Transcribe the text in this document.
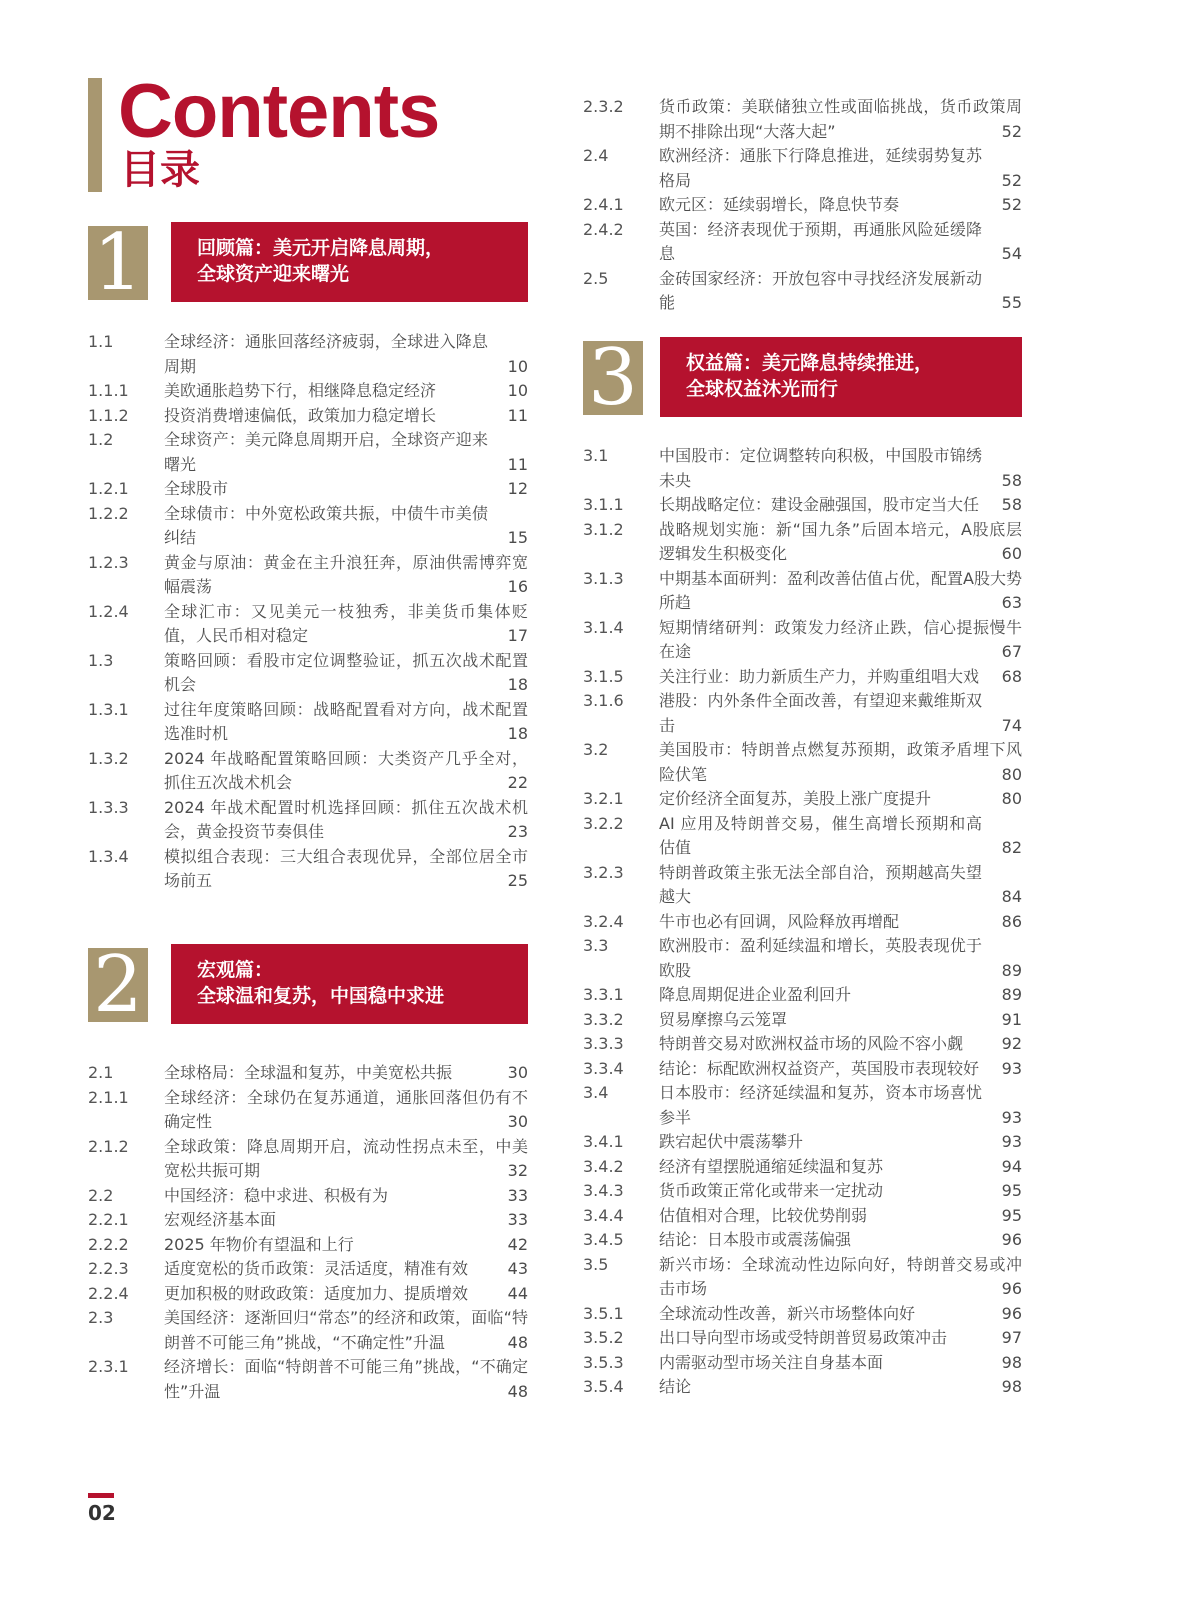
Contents
目录
1	回顾篇：美元开启降息周期，
全球资产迎来曙光
1.1	全球经济：通胀回落经济疲弱，全球进入降息周期	10
1.1.1	美欧通胀趋势下行，相继降息稳定经济	10
1.1.2	投资消费增速偏低，政策加力稳定增长	11
1.2	全球资产：美元降息周期开启，全球资产迎来曙光	11
1.2.1	全球股市	12
1.2.2	全球债市：中外宽松政策共振，中债牛市美债纠结	15
1.2.3	黄金与原油：黄金在主升浪狂奔，原油供需博弈宽幅震荡	16
1.2.4	全球汇市：又见美元一枝独秀，非美货币集体贬值，人民币相对稳定	17
1.3	策略回顾：看股市定位调整验证，抓五次战术配置机会	18
1.3.1	过往年度策略回顾：战略配置看对方向，战术配置选准时机	18
1.3.2	2024 年战略配置策略回顾：大类资产几乎全对，抓住五次战术机会	22
1.3.3	2024 年战术配置时机选择回顾：抓住五次战术机会，黄金投资节奏俱佳	23
1.3.4	模拟组合表现：三大组合表现优异，全部位居全市场前五	25
2	宏观篇：
全球温和复苏，中国稳中求进
2.1	全球格局：全球温和复苏，中美宽松共振	30
2.1.1	全球经济：全球仍在复苏通道，通胀回落但仍有不确定性	30
2.1.2	全球政策：降息周期开启，流动性拐点未至，中美宽松共振可期	32
2.2	中国经济：稳中求进、积极有为	33
2.2.1	宏观经济基本面	33
2.2.2	2025 年物价有望温和上行	42
2.2.3	适度宽松的货币政策：灵活适度，精准有效	43
2.2.4	更加积极的财政政策：适度加力、提质增效	44
2.3	美国经济：逐渐回归“常态”的经济和政策，面临“特朗普不可能三角”挑战，“不确定性”升温	48
2.3.1	经济增长：面临“特朗普不可能三角”挑战，“不确定性”升温	48
2.3.2	货币政策：美联储独立性或面临挑战，货币政策周期不排除出现“大落大起”	52
2.4	欧洲经济：通胀下行降息推进，延续弱势复苏格局	52
2.4.1	欧元区：延续弱增长，降息快节奏	52
2.4.2	英国：经济表现优于预期，再通胀风险延缓降息	54
2.5	金砖国家经济：开放包容中寻找经济发展新动能	55
3	权益篇：美元降息持续推进，
全球权益沐光而行
3.1	中国股市：定位调整转向积极，中国股市锦绣未央	58
3.1.1	长期战略定位：建设金融强国，股市定当大任	58
3.1.2	战略规划实施：新“国九条”后固本培元，A股底层逻辑发生积极变化	60
3.1.3	中期基本面研判：盈利改善估值占优，配置A股大势所趋	63
3.1.4	短期情绪研判：政策发力经济止跌，信心提振慢牛在途	67
3.1.5	关注行业：助力新质生产力，并购重组唱大戏	68
3.1.6	港股：内外条件全面改善，有望迎来戴维斯双击	74
3.2	美国股市：特朗普点燃复苏预期，政策矛盾埋下风险伏笔	80
3.2.1	定价经济全面复苏，美股上涨广度提升	80
3.2.2	AI 应用及特朗普交易，催生高增长预期和高估值	82
3.2.3	特朗普政策主张无法全部自洽，预期越高失望越大	84
3.2.4	牛市也必有回调，风险释放再增配	86
3.3	欧洲股市：盈利延续温和增长，英股表现优于欧股	89
3.3.1	降息周期促进企业盈利回升	89
3.3.2	贸易摩擦乌云笼罩	91
3.3.3	特朗普交易对欧洲权益市场的风险不容小觑	92
3.3.4	结论：标配欧洲权益资产，英国股市表现较好	93
3.4	日本股市：经济延续温和复苏，资本市场喜忧参半	93
3.4.1	跌宕起伏中震荡攀升	93
3.4.2	经济有望摆脱通缩延续温和复苏	94
3.4.3	货币政策正常化或带来一定扰动	95
3.4.4	估值相对合理，比较优势削弱	95
3.4.5	结论：日本股市或震荡偏强	96
3.5	新兴市场：全球流动性边际向好，特朗普交易或冲击市场	96
3.5.1	全球流动性改善，新兴市场整体向好	96
3.5.2	出口导向型市场或受特朗普贸易政策冲击	97
3.5.3	内需驱动型市场关注自身基本面	98
3.5.4	结论	98
02
